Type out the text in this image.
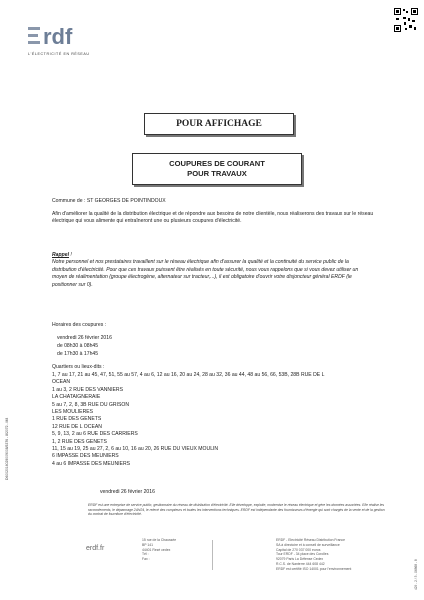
rdf
L'ÉLECTRICITÉ EN RÉSEAU
D6002016029009008/3376 - 8/2072 - M8
POUR AFFICHAGE
COUPURES DE COURANT
POUR TRAVAUX
Commune de : ST GEORGES DE POINTINDOUX
Afin d'améliorer la qualité de la distribution électrique et de répondre aux besoins de notre clientèle, nous réaliserons des travaux sur le réseau électrique qui vous alimente qui entraîneront une ou plusieurs coupures d'électricité.
Rappel !
Notre personnel et nos prestataires travaillent sur le réseau électrique afin d'assurer la qualité et la continuité du service public de la distribution d'électricité. Pour que ces travaux puissent être réalisés en toute sécurité, nous vous rappelons que si vous devez utiliser un moyen de réalimentation (groupe électrogène, alternateur sur tracteur,...), il est obligatoire d'ouvrir votre disjoncteur général ERDF (le positionner sur 0).
Horaires des coupures :
vendredi 26 février 2016
de 08h30 à 08h45
de 17h30 à 17h45
Quartiers ou lieux-dits :
1, 7 au 17, 21 au 45, 47, 51, 55 au 57, 4 au 6, 12 au 16, 20 au 24, 28 au 32, 36 au 44, 48 au 56, 66, 53B, 28B RUE DE L
OCEAN
1 au 3, 2 RUE DES VANNIERS
LA CHATAIGNERAIE
5 au 7, 2, 8, 3B RUE DU GRISON
LES MOULIERES
1 RUE DES GENETS
12 RUE DE L OCEAN
5, 9, 13, 2 au 6 RUE DES CARRIERS
1, 2 RUE DES GENETS
11, 15 au 19, 25 au 27, 2, 6 au 10, 16 au 20, 26 RUE DU VIEUX MOULIN
6 IMPASSE DES MEUNIERS
4 au 6 IMPASSE DES MEUNIERS
vendredi 26 février 2016
ERDF est une entreprise de service public, gestionnaire du réseau de distribution d'électricité. Elle développe, exploite, modernise le réseau électrique et gère les données associées. Elle réalise les raccordements, le dépannage 24h/24, le relevé des compteurs et toutes les interventions techniques. ERDF est indépendante des fournisseurs d'énergie qui sont chargés de la vente et de la gestion du contrat de fourniture d'électricité.
erdf.fr
15 rue de la Chaussée
BP 141
44401 Rezé cedex
Tél :
Fax :
ERDF - Electricité Réseau Distribution France
SA à directoire et à conseil de surveillance
Capital de 270 037 000 euros
Tour ERDF - 34 place des Corolles
92079 Paris La Défense Cedex
R.C.S. de Nanterre 444 608 442
ERDF est certifié ISO 14001 pour l'environnement	429 - 2 / 3 - 06868 - 8
